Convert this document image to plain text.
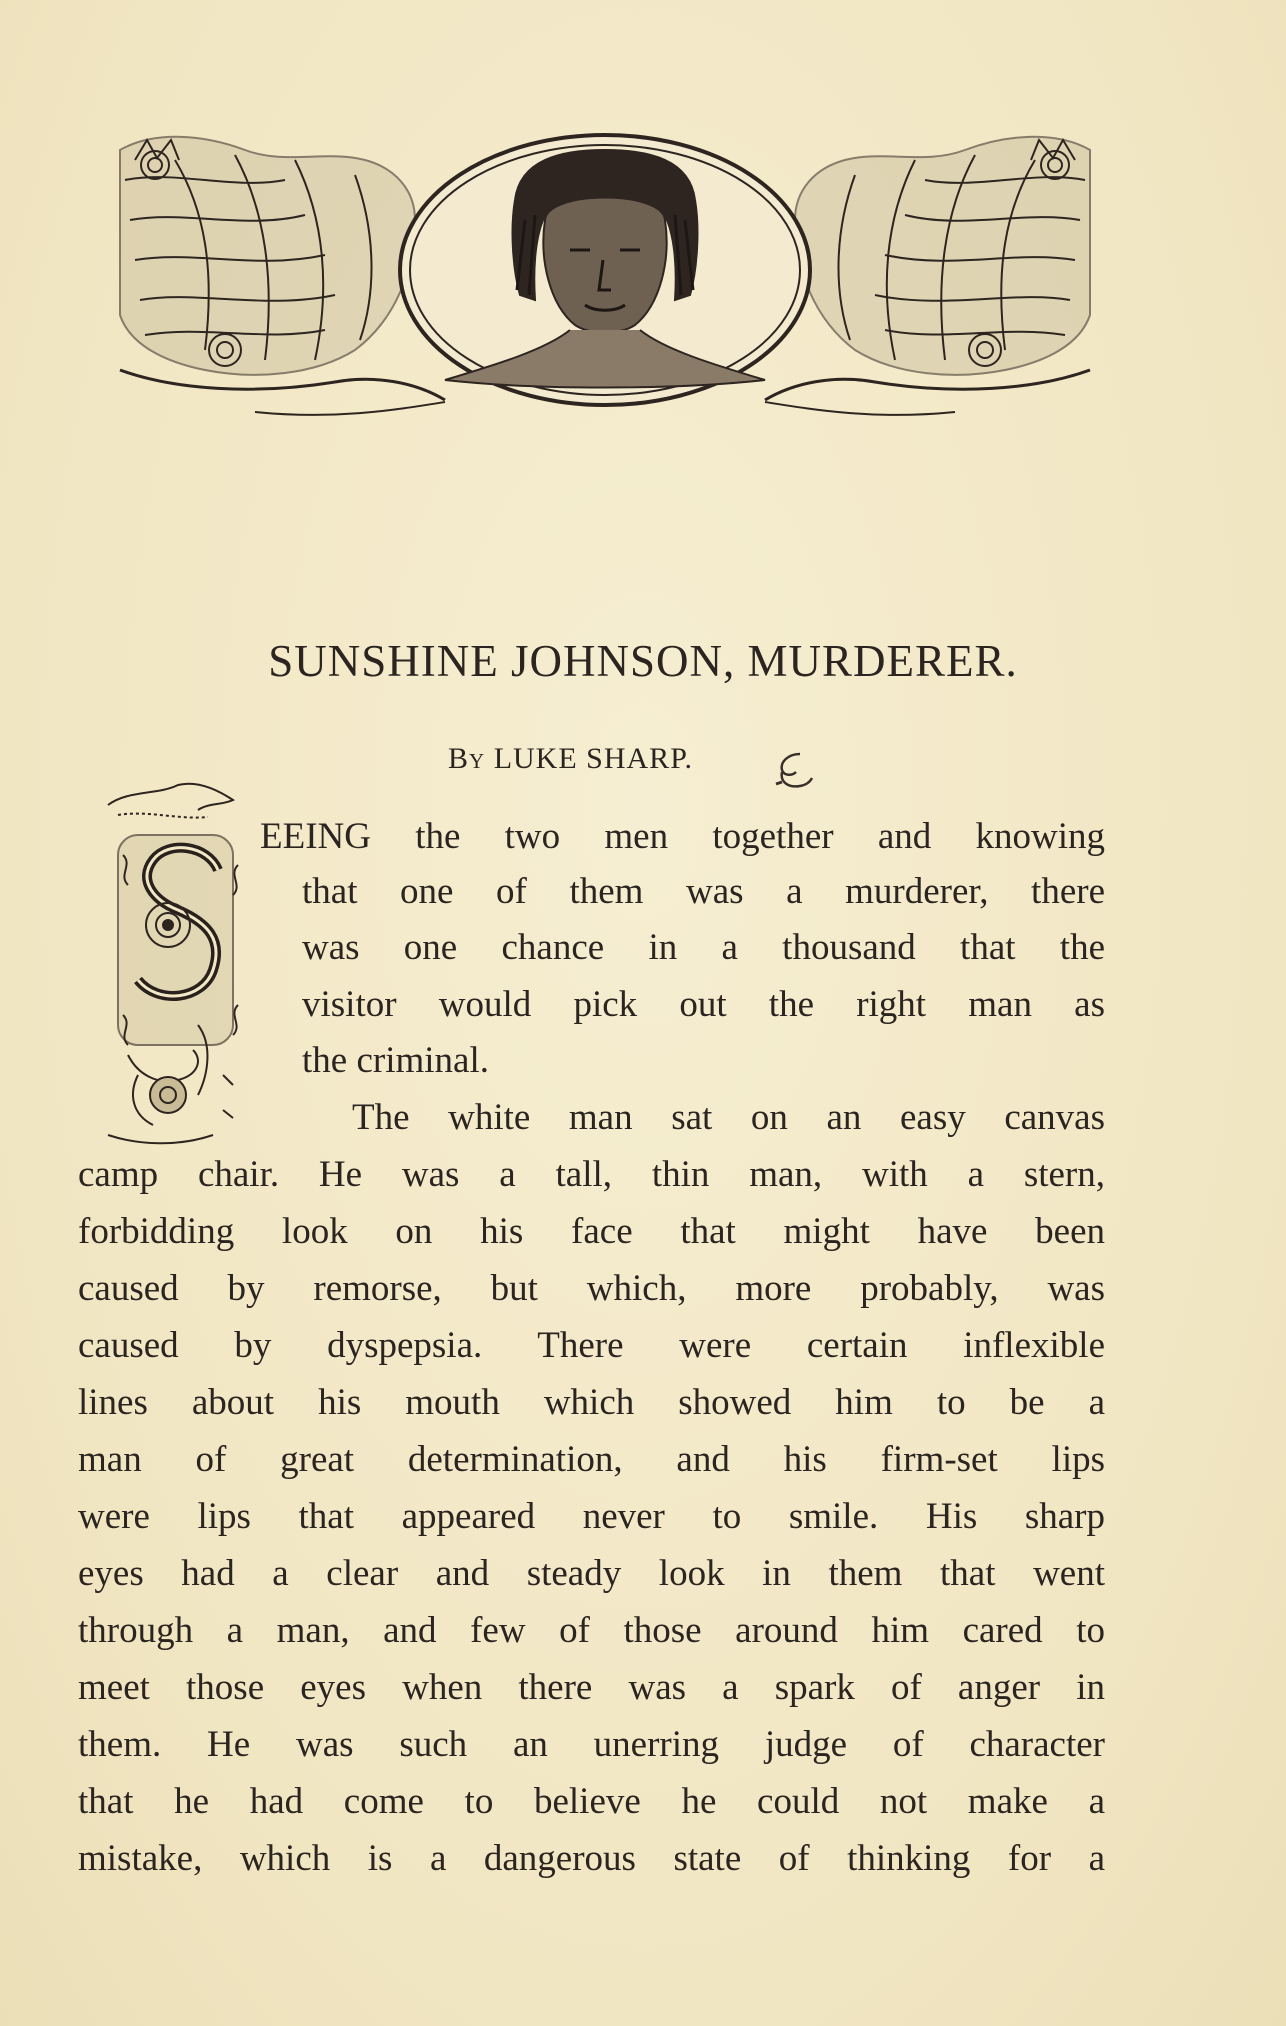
SUNSHINE JOHNSON, MURDERER.
By LUKE SHARP.
EEING the two men together and knowing
that one of them was a murderer, there
was one chance in a thousand that the
visitor would pick out the right man as
the criminal.
The white man sat on an easy canvas
camp chair. He was a tall, thin man, with a stern,
forbidding look on his face that might have been
caused by remorse, but which, more probably, was
caused by dyspepsia. There were certain inflexible
lines about his mouth which showed him to be a
man of great determination, and his firm-set lips
were lips that appeared never to smile. His sharp
eyes had a clear and steady look in them that went
through a man, and few of those around him cared to
meet those eyes when there was a spark of anger in
them. He was such an unerring judge of character
that he had come to believe he could not make a
mistake, which is a dangerous state of thinking for a
